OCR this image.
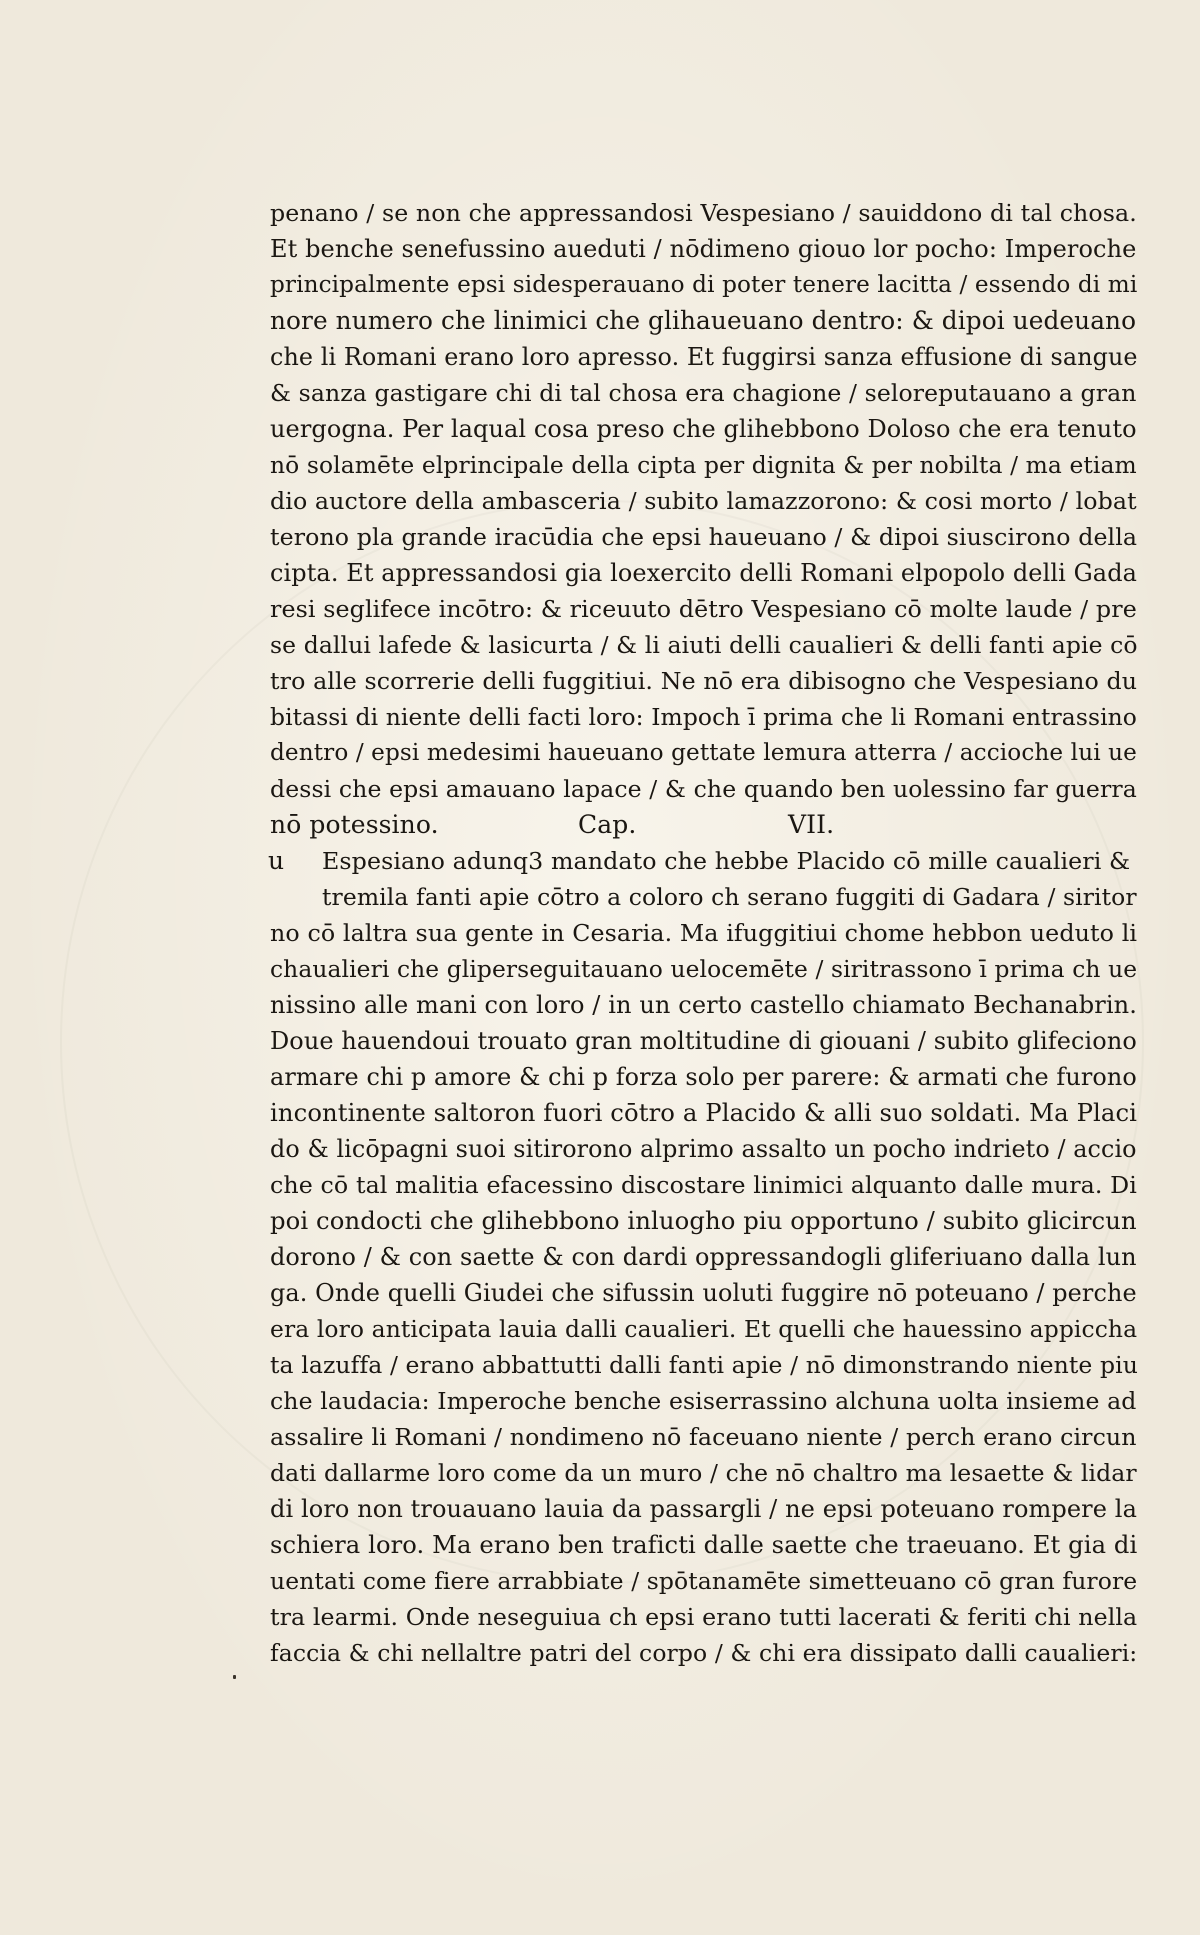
penano / se non che appressandosi Vespesiano / sauiddono di tal chosa.
Et benche senefussino aueduti / nōdimeno giouo lor pocho: Imperoche
principalmente epsi sidesperauano di poter tenere lacitta / essendo di mi
nore numero che linimici che glihaueuano dentro: & dipoi uedeuano
che li Romani erano loro apresso. Et fuggirsi sanza effusione di sangue
& sanza gastigare chi di tal chosa era chagione / seloreputauano a gran
uergogna. Per laqual cosa preso che glihebbono Doloso che era tenuto
nō solamēte elprincipale della cipta per dignita & per nobilta / ma etiam
dio auctore della ambasceria / subito lamazzorono: & cosi morto / lobat
terono pla grande iracūdia che epsi haueuano / & dipoi siuscirono della
cipta. Et appressandosi gia loexercito delli Romani elpopolo delli Gada
resi seglifece incōtro: & riceuuto dētro Vespesiano cō molte laude / pre
se dallui lafede & lasicurta / & li aiuti delli caualieri & delli fanti apie cō
tro alle scorrerie delli fuggitiui. Ne nō era dibisogno che Vespesiano du
bitassi di niente delli facti loro: Impoch ī prima che li Romani entrassino
dentro / epsi medesimi haueuano gettate lemura atterra / accioche lui ue
dessi che epsi amauano lapace / & che quando ben uolessino far guerra
nō potessino.	Cap.	VII.
u	Espesiano adunq3 mandato che hebbe Placido cō mille caualieri &
tremila fanti apie cōtro a coloro ch serano fuggiti di Gadara / siritor
no cō laltra sua gente in Cesaria. Ma ifuggitiui chome hebbon ueduto li
chaualieri che gliperseguitauano uelocemēte / siritrassono ī prima ch ue
nissino alle mani con loro / in un certo castello chiamato Bechanabrin.
Doue hauendoui trouato gran moltitudine di giouani / subito glifeciono
armare chi p amore & chi p forza solo per parere: & armati che furono
incontinente saltoron fuori cōtro a Placido & alli suo soldati. Ma Placi
do & licōpagni suoi sitirorono alprimo assalto un pocho indrieto / accio
che cō tal malitia efacessino discostare linimici alquanto dalle mura. Di
poi condocti che glihebbono inluogho piu opportuno / subito glicircun
dorono / & con saette & con dardi oppressandogli gliferiuano dalla lun
ga. Onde quelli Giudei che sifussin uoluti fuggire nō poteuano / perche
era loro anticipata lauia dalli caualieri. Et quelli che hauessino appiccha
ta lazuffa / erano abbattutti dalli fanti apie / nō dimonstrando niente piu
che laudacia: Imperoche benche esiserrassino alchuna uolta insieme ad
assalire li Romani / nondimeno nō faceuano niente / perch erano circun
dati dallarme loro come da un muro / che nō chaltro ma lesaette & lidar
di loro non trouauano lauia da passargli / ne epsi poteuano rompere la
schiera loro. Ma erano ben trafiсti dalle saette che traeuano. Et gia di
uentati come fiere arrabbiate / spōtanamēte simetteuano cō gran furore
tra learmi. Onde neseguiua ch epsi erano tutti lacerati & feriti chi nella
faccia & chi nellaltre patri del corpo / & chi era dissipato dalli caualieri:
